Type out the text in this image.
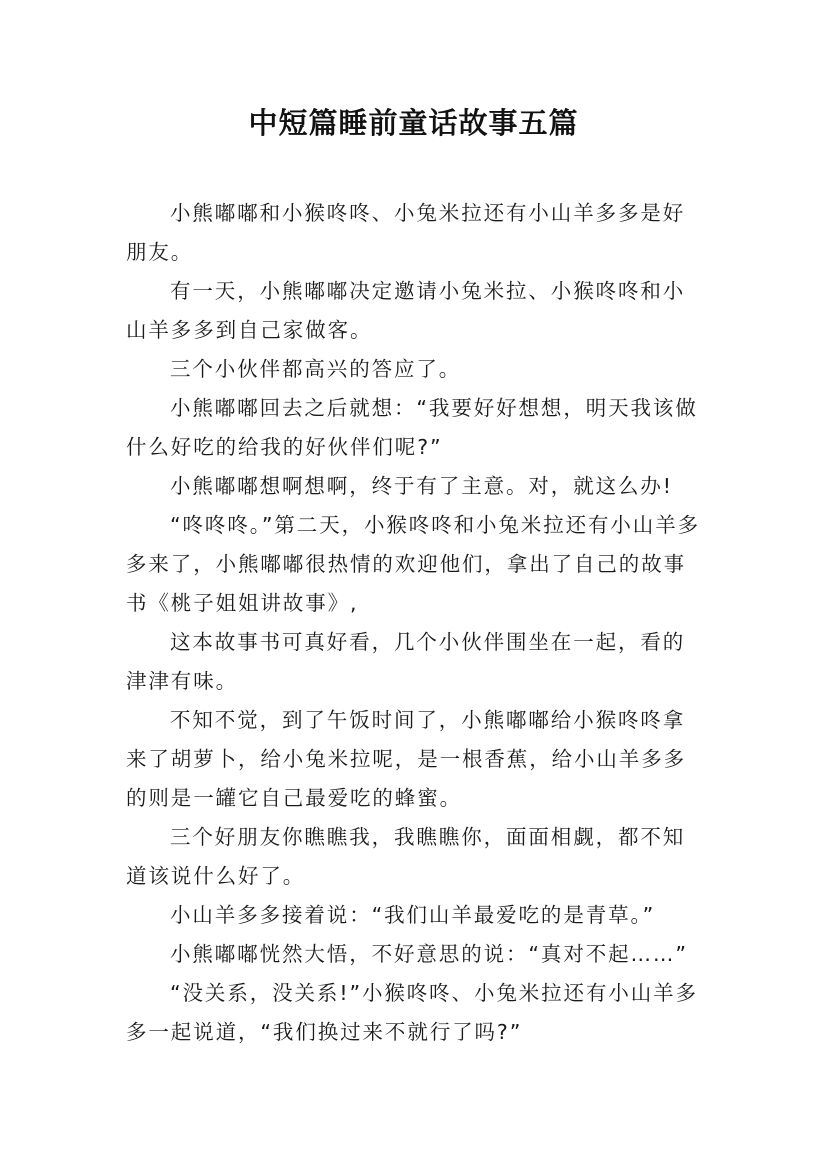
中短篇睡前童话故事五篇

小熊嘟嘟和小猴咚咚、小兔米拉还有小山羊多多是好朋友。

有一天，小熊嘟嘟决定邀请小兔米拉、小猴咚咚和小山羊多多到自己家做客。

三个小伙伴都高兴的答应了。

小熊嘟嘟回去之后就想：“我要好好想想，明天我该做什么好吃的给我的好伙伴们呢?”

小熊嘟嘟想啊想啊，终于有了主意。对，就这么办!

“咚咚咚。”第二天，小猴咚咚和小兔米拉还有小山羊多多来了，小熊嘟嘟很热情的欢迎他们，拿出了自己的故事书《桃子姐姐讲故事》,

这本故事书可真好看，几个小伙伴围坐在一起，看的津津有味。

不知不觉，到了午饭时间了，小熊嘟嘟给小猴咚咚拿来了胡萝卜，给小兔米拉呢，是一根香蕉，给小山羊多多的则是一罐它自己最爱吃的蜂蜜。

三个好朋友你瞧瞧我，我瞧瞧你，面面相觑，都不知道该说什么好了。

小山羊多多接着说：“我们山羊最爱吃的是青草。”

小熊嘟嘟恍然大悟，不好意思的说：“真对不起……”

“没关系，没关系!”小猴咚咚、小兔米拉还有小山羊多多一起说道，“我们换过来不就行了吗?”
